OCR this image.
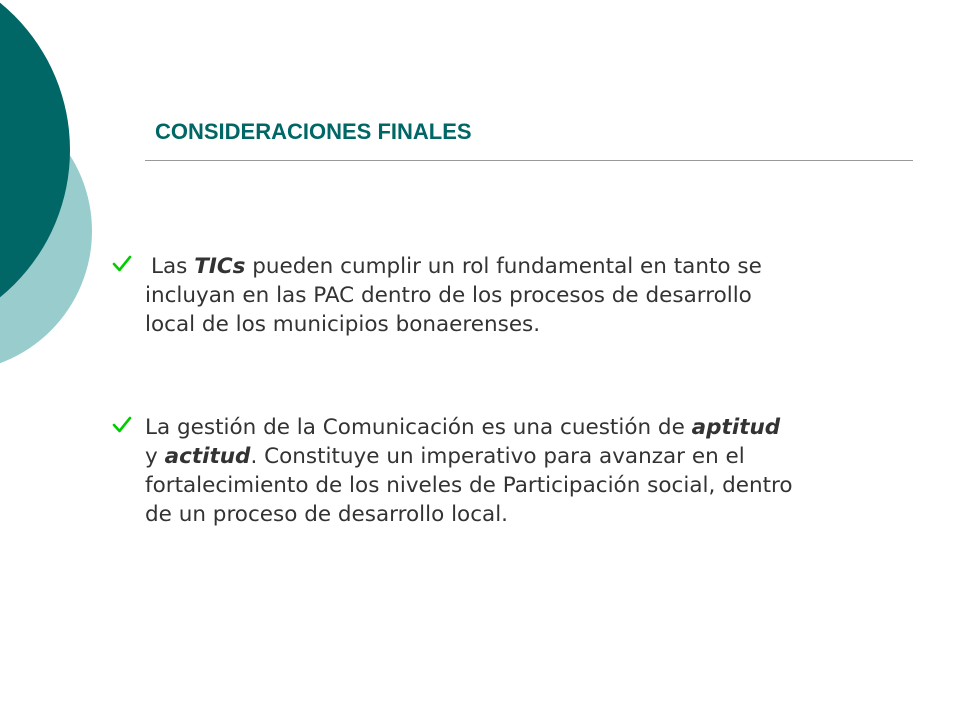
CONSIDERACIONES FINALES

Las TICs pueden cumplir un rol fundamental en tanto se
incluyan en las PAC dentro de los procesos de desarrollo
local de los municipios bonaerenses.

La gestión de la Comunicación es una cuestión de aptitud
y actitud. Constituye un imperativo para avanzar en el
fortalecimiento de los niveles de Participación social, dentro
de un proceso de desarrollo local.
